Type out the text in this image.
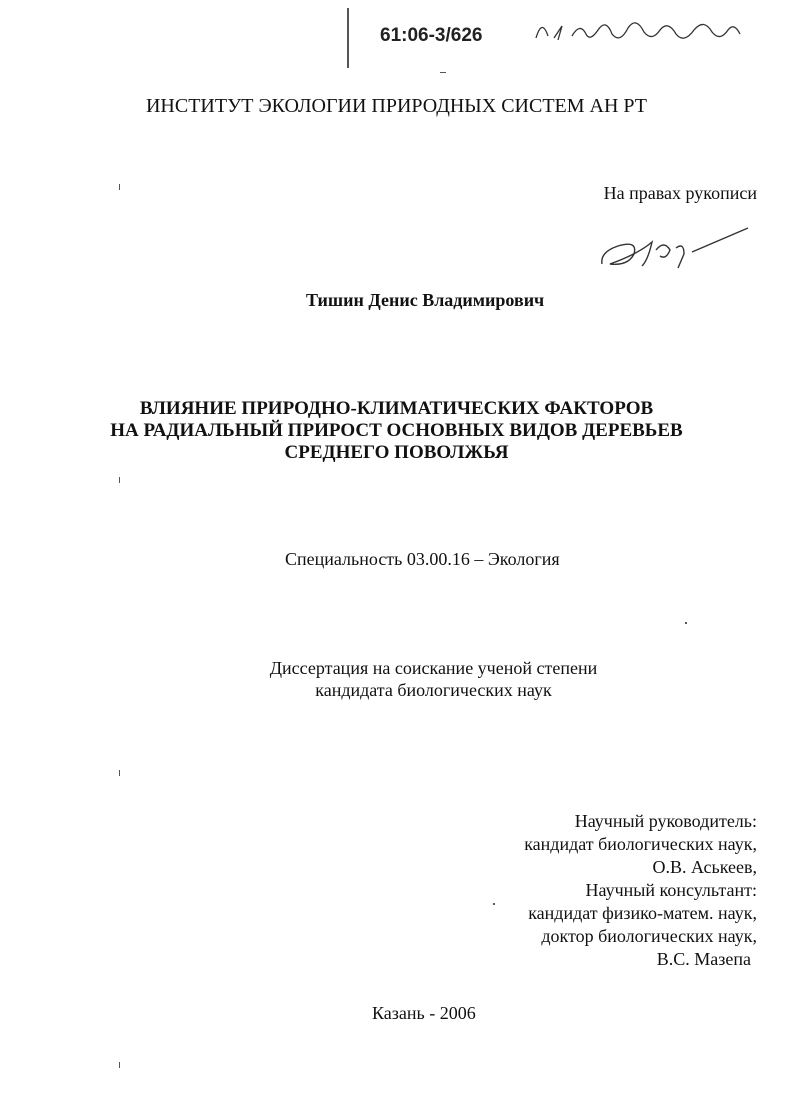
61:06-3/626
ИНСТИТУТ ЭКОЛОГИИ ПРИРОДНЫХ СИСТЕМ АН РТ
На правах рукописи
Тишин Денис Владимирович
ВЛИЯНИЕ ПРИРОДНО-КЛИМАТИЧЕСКИХ ФАКТОРОВ
НА РАДИАЛЬНЫЙ ПРИРОСТ ОСНОВНЫХ ВИДОВ ДЕРЕВЬЕВ
СРЕДНЕГО ПОВОЛЖЬЯ
Специальность 03.00.16 – Экология
Диссертация на соискание ученой степени
кандидата биологических наук
Научный руководитель:
кандидат биологических наук,
О.В. Аськеев,
Научный консультант:
кандидат физико-матем. наук,
доктор биологических наук,
В.С. Мазепа
Казань - 2006
